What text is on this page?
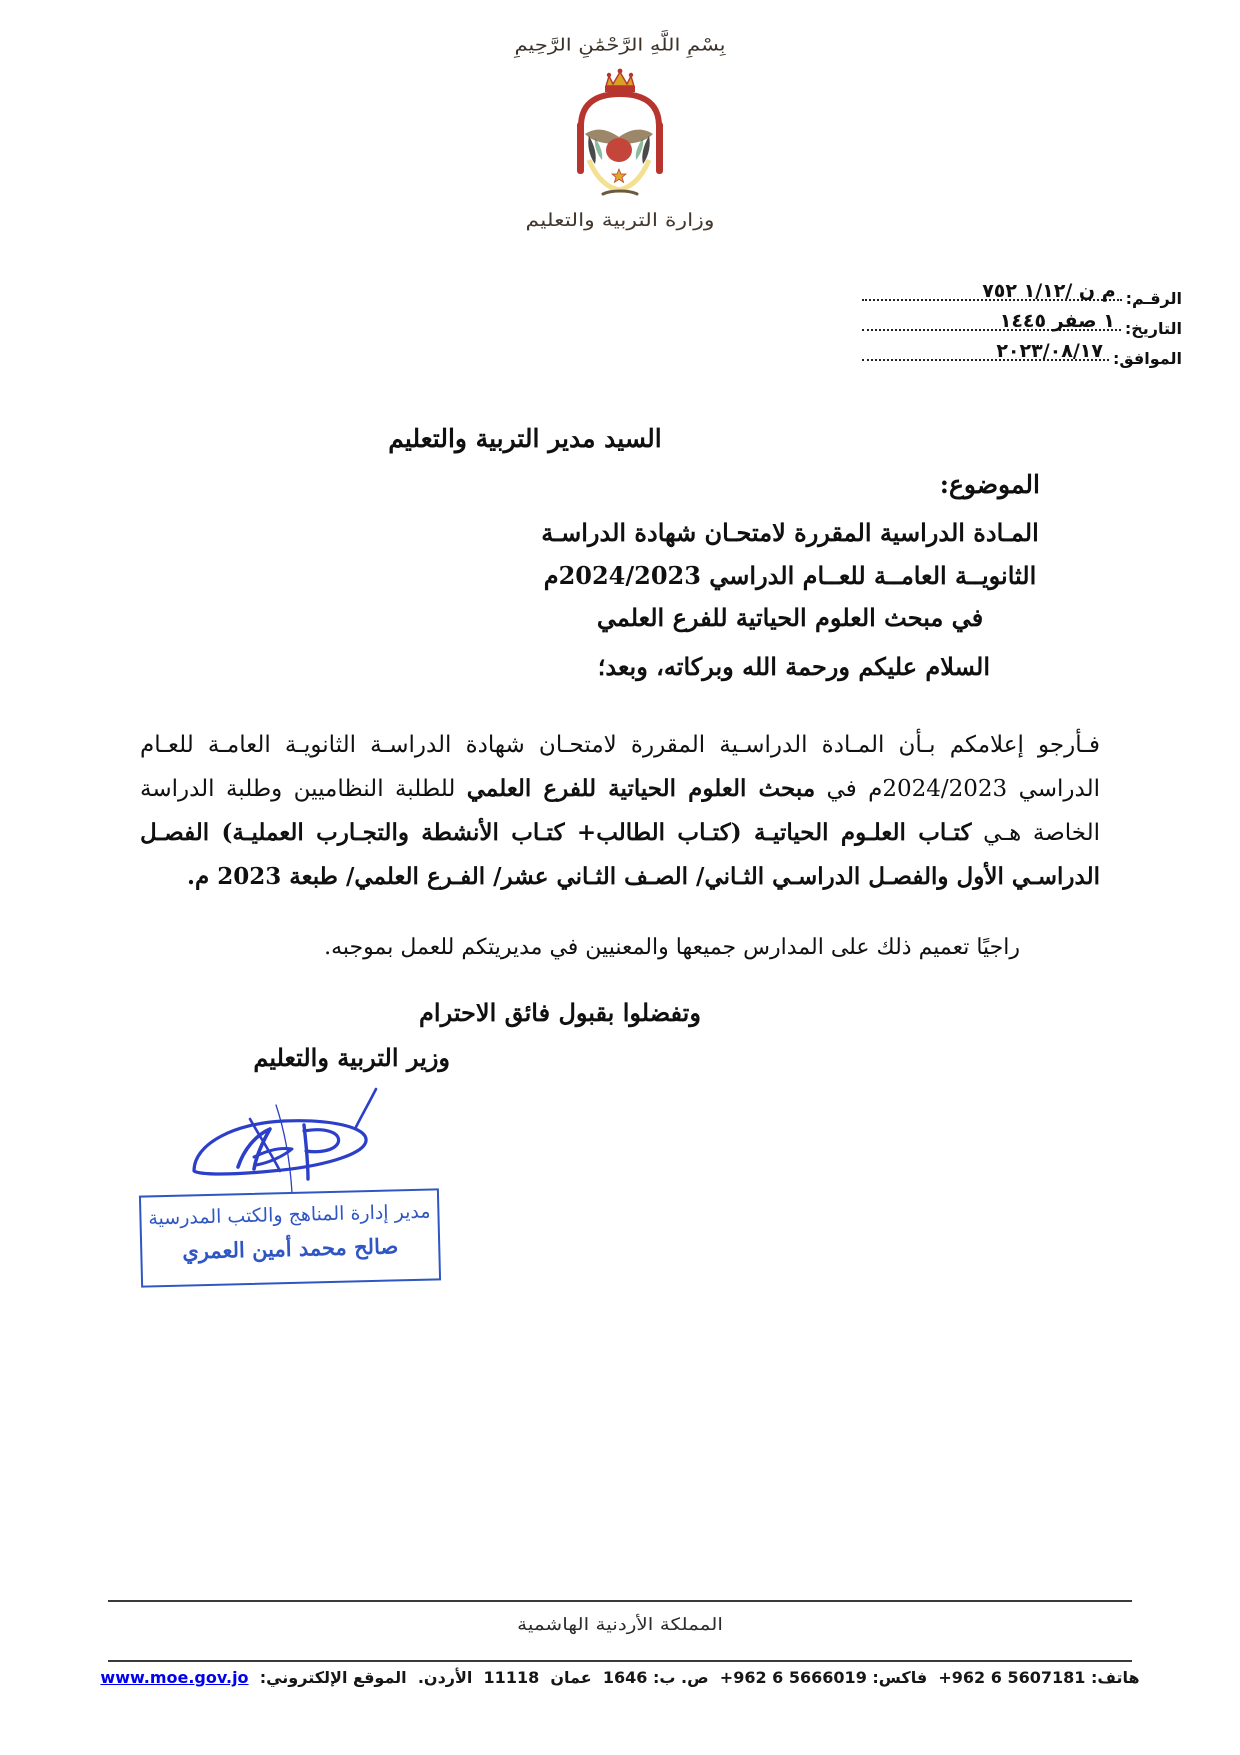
بِسْمِ اللَّهِ الرَّحْمَٰنِ الرَّحِيمِ
وزارة التربية والتعليم
الرقـم:
م ن /١/١٢ ٧٥٢
التاريخ:
١ صفر ١٤٤٥
الموافق:
٢٠٢٣/٠٨/١٧
السيد مدير التربية والتعليم
الموضوع:
المـادة الدراسية المقررة لامتحـان شهادة الدراسـة
الثانويــة العامــة للعــام الدراسي 2024/2023م
في مبحث العلوم الحياتية للفرع العلمي
السلام عليكم ورحمة الله وبركاته، وبعد؛

فـأرجو إعلامكم بـأن المـادة الدراسـية المقررة لامتحـان شهادة الدراسـة الثانويـة العامـة للعـام الدراسي 2024/2023م في مبحث العلوم الحياتية للفرع العلمي للطلبة النظاميين وطلبة الدراسة الخاصة هـي كتـاب العلـوم الحياتيـة (كتـاب الطالب+ كتـاب الأنشطة والتجـارب العمليـة) الفصـل الدراسـي الأول والفصـل الدراسـي الثـاني/ الصـف الثـاني عشر/ الفـرع العلمي/ طبعة 2023 م.

راجيًا تعميم ذلك على المدارس جميعها والمعنيين في مديريتكم للعمل بموجبه.
وتفضلوا بقبول فائق الاحترام
وزير التربية والتعليم
مدير إدارة المناهج والكتب المدرسية
صالح محمد أمين العمري
المملكة الأردنية الهاشمية
هاتف: 5607181 6 962+  فاكس: 5666019 6 962+  ص. ب: 1646  عمان  11118  الأردن.  الموقع الإلكتروني:  www.moe.gov.jo
